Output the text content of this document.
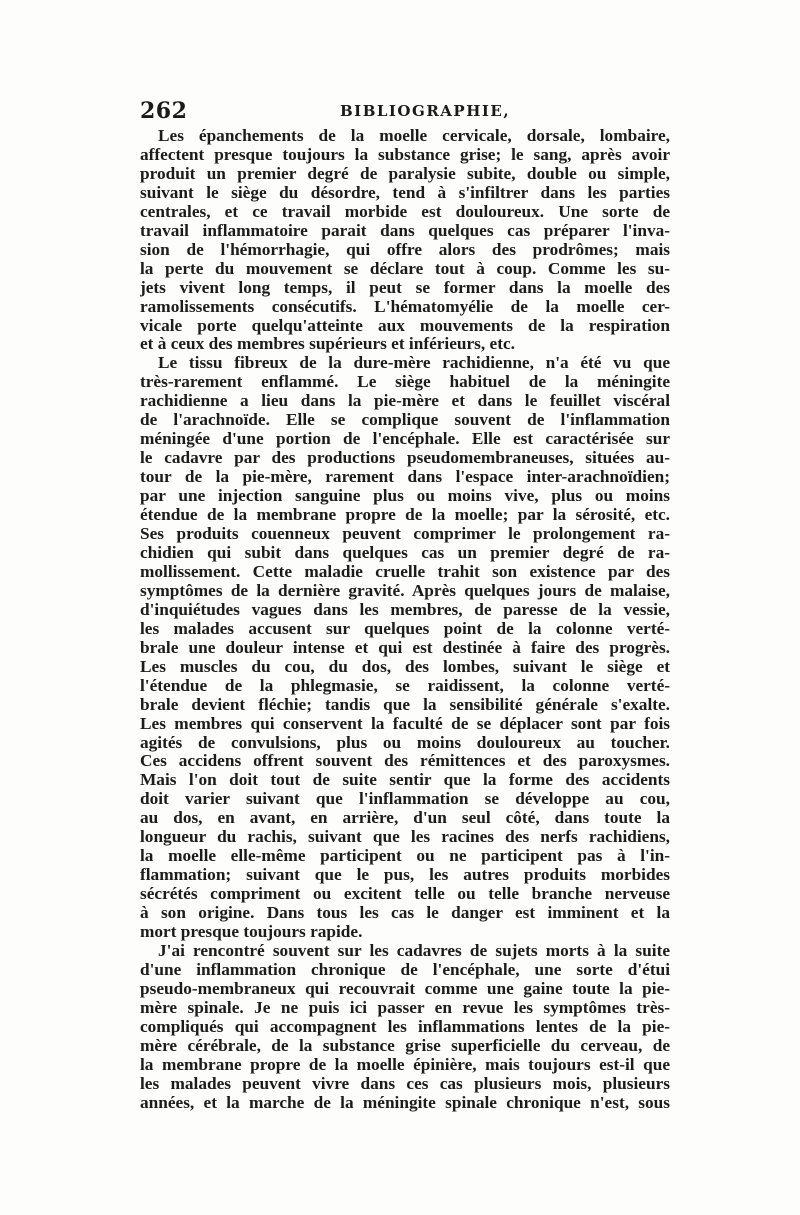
262	BIBLIOGRAPHIE,
Les épanchements de la moelle cervicale, dorsale, lombaire,
affectent presque toujours la substance grise; le sang, après avoir
produit un premier degré de paralysie subite, double ou simple,
suivant le siège du désordre, tend à s'infiltrer dans les parties
centrales, et ce travail morbide est douloureux. Une sorte de
travail inflammatoire parait dans quelques cas préparer l'inva-
sion de l'hémorrhagie, qui offre alors des prodrômes; mais
la perte du mouvement se déclare tout à coup. Comme les su-
jets vivent long temps, il peut se former dans la moelle des
ramolissements consécutifs. L'hématomyélie de la moelle cer-
vicale porte quelqu'atteinte aux mouvements de la respiration
et à ceux des membres supérieurs et inférieurs, etc.
Le tissu fibreux de la dure-mère rachidienne, n'a été vu que
très-rarement enflammé. Le siège habituel de la méningite
rachidienne a lieu dans la pie-mère et dans le feuillet viscéral
de l'arachnoïde. Elle se complique souvent de l'inflammation
méningée d'une portion de l'encéphale. Elle est caractérisée sur
le cadavre par des productions pseudomembraneuses, situées au-
tour de la pie-mère, rarement dans l'espace inter-arachnoïdien;
par une injection sanguine plus ou moins vive, plus ou moins
étendue de la membrane propre de la moelle; par la sérosité, etc.
Ses produits couenneux peuvent comprimer le prolongement ra-
chidien qui subit dans quelques cas un premier degré de ra-
mollissement. Cette maladie cruelle trahit son existence par des
symptômes de la dernière gravité. Après quelques jours de malaise,
d'inquiétudes vagues dans les membres, de paresse de la vessie,
les malades accusent sur quelques point de la colonne verté-
brale une douleur intense et qui est destinée à faire des progrès.
Les muscles du cou, du dos, des lombes, suivant le siège et
l'étendue de la phlegmasie, se raidissent, la colonne verté-
brale devient fléchie; tandis que la sensibilité générale s'exalte.
Les membres qui conservent la faculté de se déplacer sont par fois
agités de convulsions, plus ou moins douloureux au toucher.
Ces accidens offrent souvent des rémittences et des paroxysmes.
Mais l'on doit tout de suite sentir que la forme des accidents
doit varier suivant que l'inflammation se développe au cou,
au dos, en avant, en arrière, d'un seul côté, dans toute la
longueur du rachis, suivant que les racines des nerfs rachidiens,
la moelle elle-même participent ou ne participent pas à l'in-
flammation; suivant que le pus, les autres produits morbides
sécrétés compriment ou excitent telle ou telle branche nerveuse
à son origine. Dans tous les cas le danger est imminent et la
mort presque toujours rapide.
J'ai rencontré souvent sur les cadavres de sujets morts à la suite
d'une inflammation chronique de l'encéphale, une sorte d'étui
pseudo-membraneux qui recouvrait comme une gaine toute la pie-
mère spinale. Je ne puis ici passer en revue les symptômes très-
compliqués qui accompagnent les inflammations lentes de la pie-
mère cérébrale, de la substance grise superficielle du cerveau, de
la membrane propre de la moelle épinière, mais toujours est-il que
les malades peuvent vivre dans ces cas plusieurs mois, plusieurs
années, et la marche de la méningite spinale chronique n'est, sous
